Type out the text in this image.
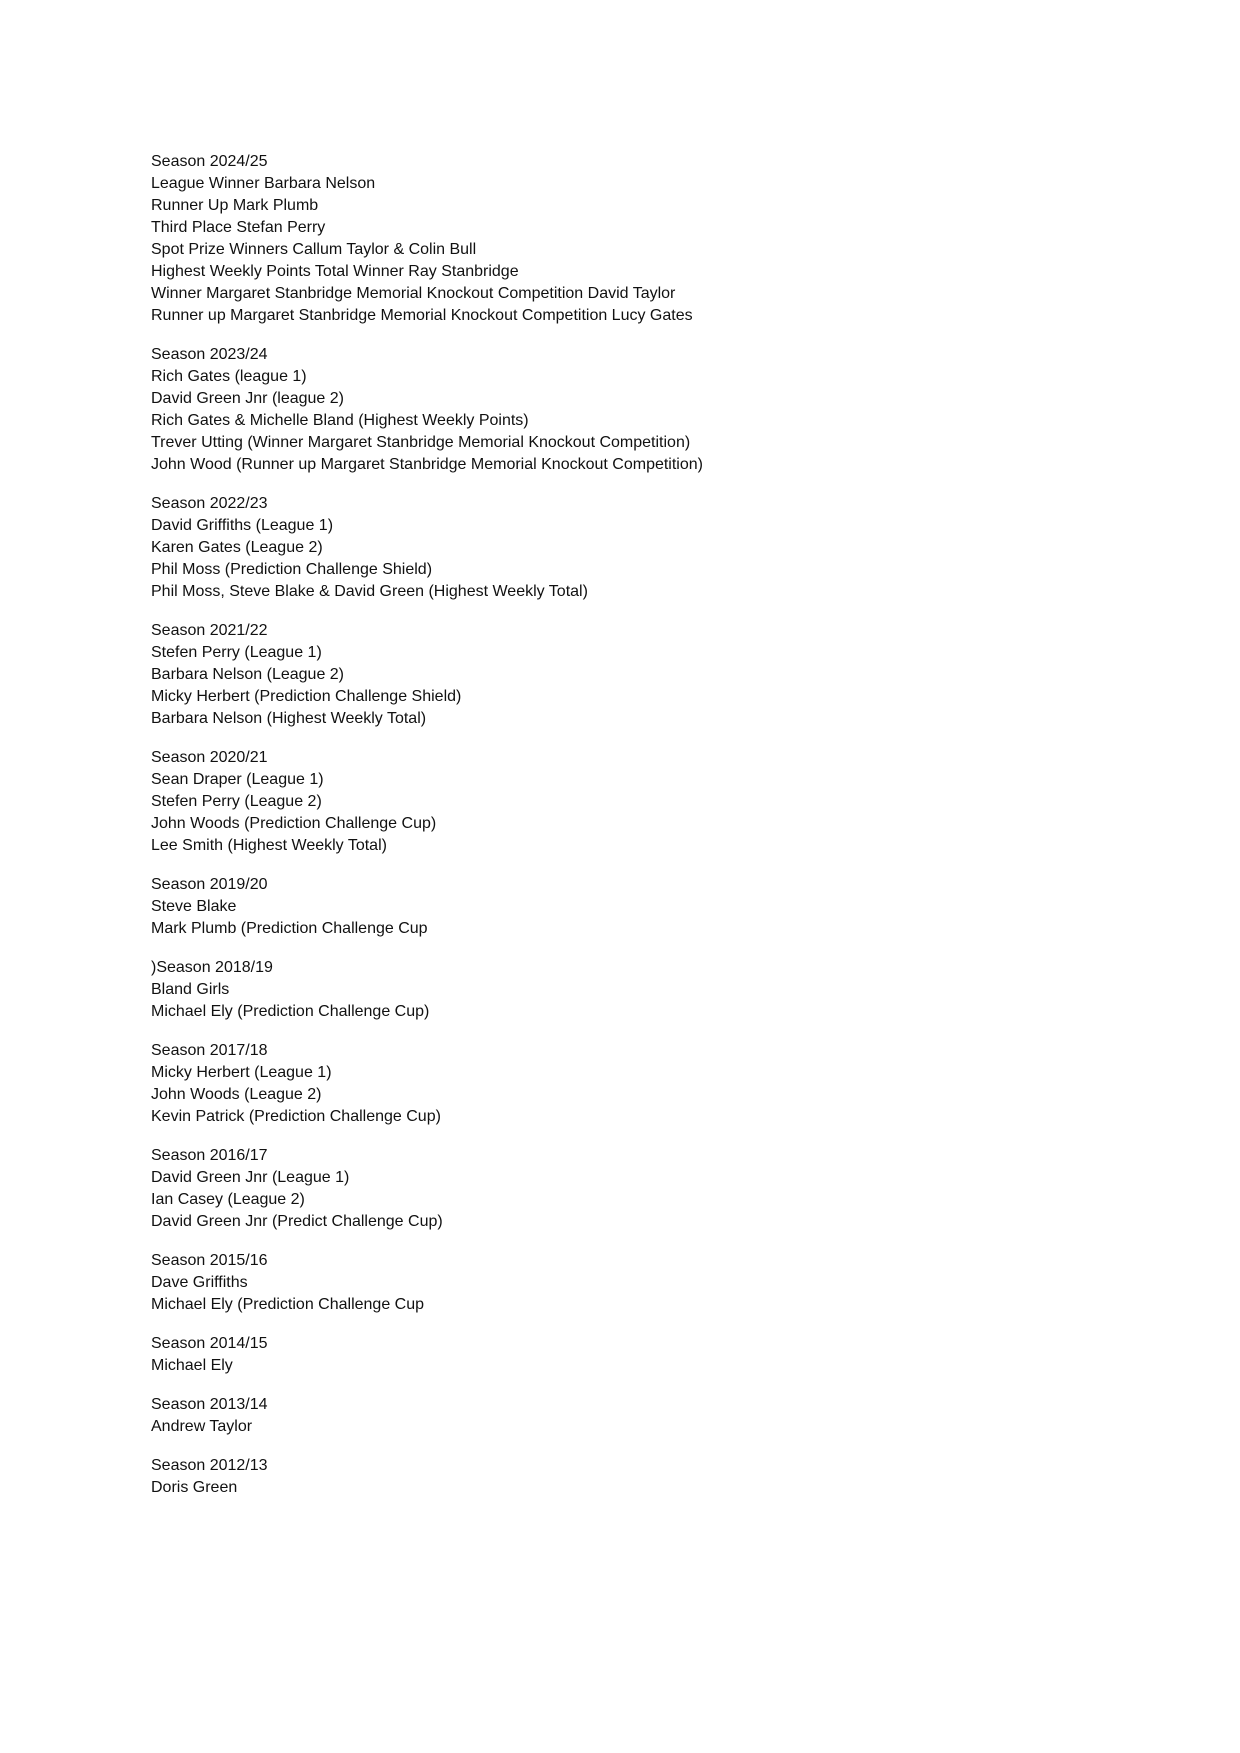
Season 2024/25
League Winner Barbara Nelson
Runner Up Mark Plumb
Third Place Stefan Perry
Spot Prize Winners Callum Taylor & Colin Bull
Highest Weekly Points Total Winner Ray Stanbridge
Winner Margaret Stanbridge Memorial Knockout Competition David Taylor
Runner up Margaret Stanbridge Memorial Knockout Competition Lucy Gates
Season 2023/24
Rich Gates (league 1)
David Green Jnr (league 2)
Rich Gates & Michelle Bland (Highest Weekly Points)
Trever Utting (Winner Margaret Stanbridge Memorial Knockout Competition)
John Wood (Runner up Margaret Stanbridge Memorial Knockout Competition)
Season 2022/23
David Griffiths (League 1)
Karen Gates (League 2)
Phil Moss (Prediction Challenge Shield)
Phil Moss, Steve Blake & David Green (Highest Weekly Total)
Season 2021/22
Stefen Perry (League 1)
Barbara Nelson (League 2)
Micky Herbert (Prediction Challenge Shield)
Barbara Nelson (Highest Weekly Total)
Season 2020/21
Sean Draper (League 1)
Stefen Perry (League 2)
John Woods (Prediction Challenge Cup)
Lee Smith (Highest Weekly Total)
Season 2019/20
Steve Blake
Mark Plumb (Prediction Challenge Cup
)Season 2018/19
Bland Girls
Michael Ely (Prediction Challenge Cup)
Season 2017/18
Micky Herbert (League 1)
John Woods (League 2)
Kevin Patrick (Prediction Challenge Cup)
Season 2016/17
David Green Jnr (League 1)
Ian Casey (League 2)
David Green Jnr (Predict Challenge Cup)
Season 2015/16
Dave Griffiths
Michael Ely (Prediction Challenge Cup
Season 2014/15
Michael Ely
Season 2013/14
Andrew Taylor
Season 2012/13
Doris Green
